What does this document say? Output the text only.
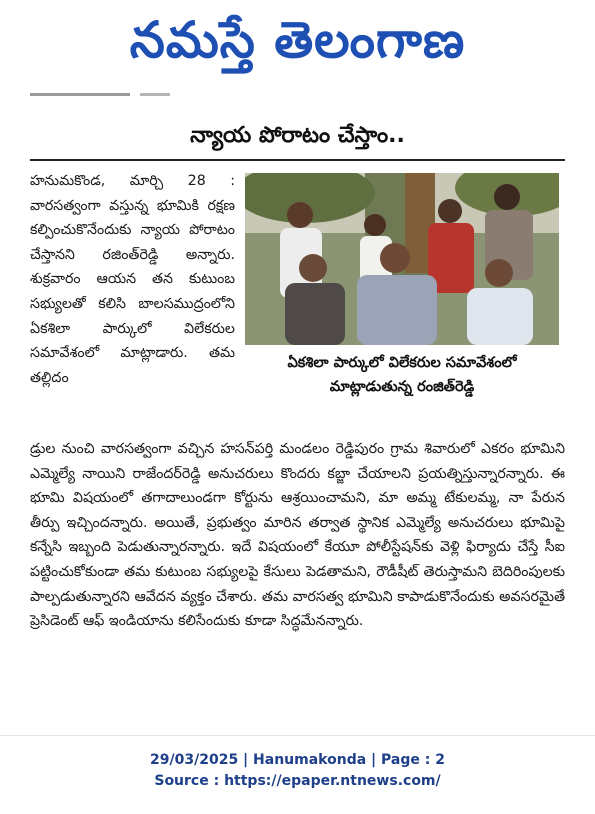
నమస్తే తెలంగాణ
న్యాయ పోరాటం చేస్తాం..
హనుమకొండ, మార్చి 28 : వారసత్వంగా వస్తున్న భూమికి రక్షణ కల్పించుకొనేందుకు న్యాయ పోరాటం చేస్తానని రజింత్‌రెడ్డి అన్నారు. శుక్రవారం ఆయన తన కుటుంబ సభ్యులతో కలిసి బాలసముద్రంలోని ఏకశిలా పార్కులో విలేకరుల సమావేశంలో మాట్లాడారు. తమ తల్లిదం
ఏకశిలా పార్కులో విలేకరుల సమావేశంలో
మాట్లాడుతున్న రంజిత్‌రెడ్డి
డ్రుల నుంచి వారసత్వంగా వచ్చిన హసన్‌పర్తి మండలం రెడ్డిపురం గ్రామ శివారులో ఎకరం భూమిని ఎమ్మెల్యే నాయిని రాజేందర్‌రెడ్డి అనుచరులు కొందరు కబ్జా చేయాలని ప్రయత్నిస్తున్నారన్నారు. ఈ భూమి విషయంలో తగాదాలుండగా కోర్టును ఆశ్రయించామని, మా అమ్మ టేకులమ్మ, నా పేరున తీర్పు ఇచ్చిందన్నారు. అయితే, ప్రభుత్వం మారిన తర్వాత స్థానిక ఎమ్మెల్యే అనుచరులు భూమిపై కన్నేసి ఇబ్బంది పెడుతున్నారన్నారు. ఇదే విషయంలో కేయూ పోలీస్టేషన్‌కు వెళ్లి ఫిర్యాదు చేస్తే సీఐ పట్టించుకోకుండా తమ కుటుంబ సభ్యులపై కేసులు పెడతామని, రౌడీషీట్ తెరుస్తామని బెదిరింపులకు పాల్పడుతున్నారని ఆవేదన వ్యక్తం చేశారు. తమ వారసత్వ భూమిని కాపాడుకొనేందుకు అవసరమైతే ప్రెసిడెంట్ ఆఫ్ ఇండియాను కలిసేందుకు కూడా సిద్ధమేనన్నారు.
29/03/2025 | Hanumakonda | Page : 2
Source : https://epaper.ntnews.com/
